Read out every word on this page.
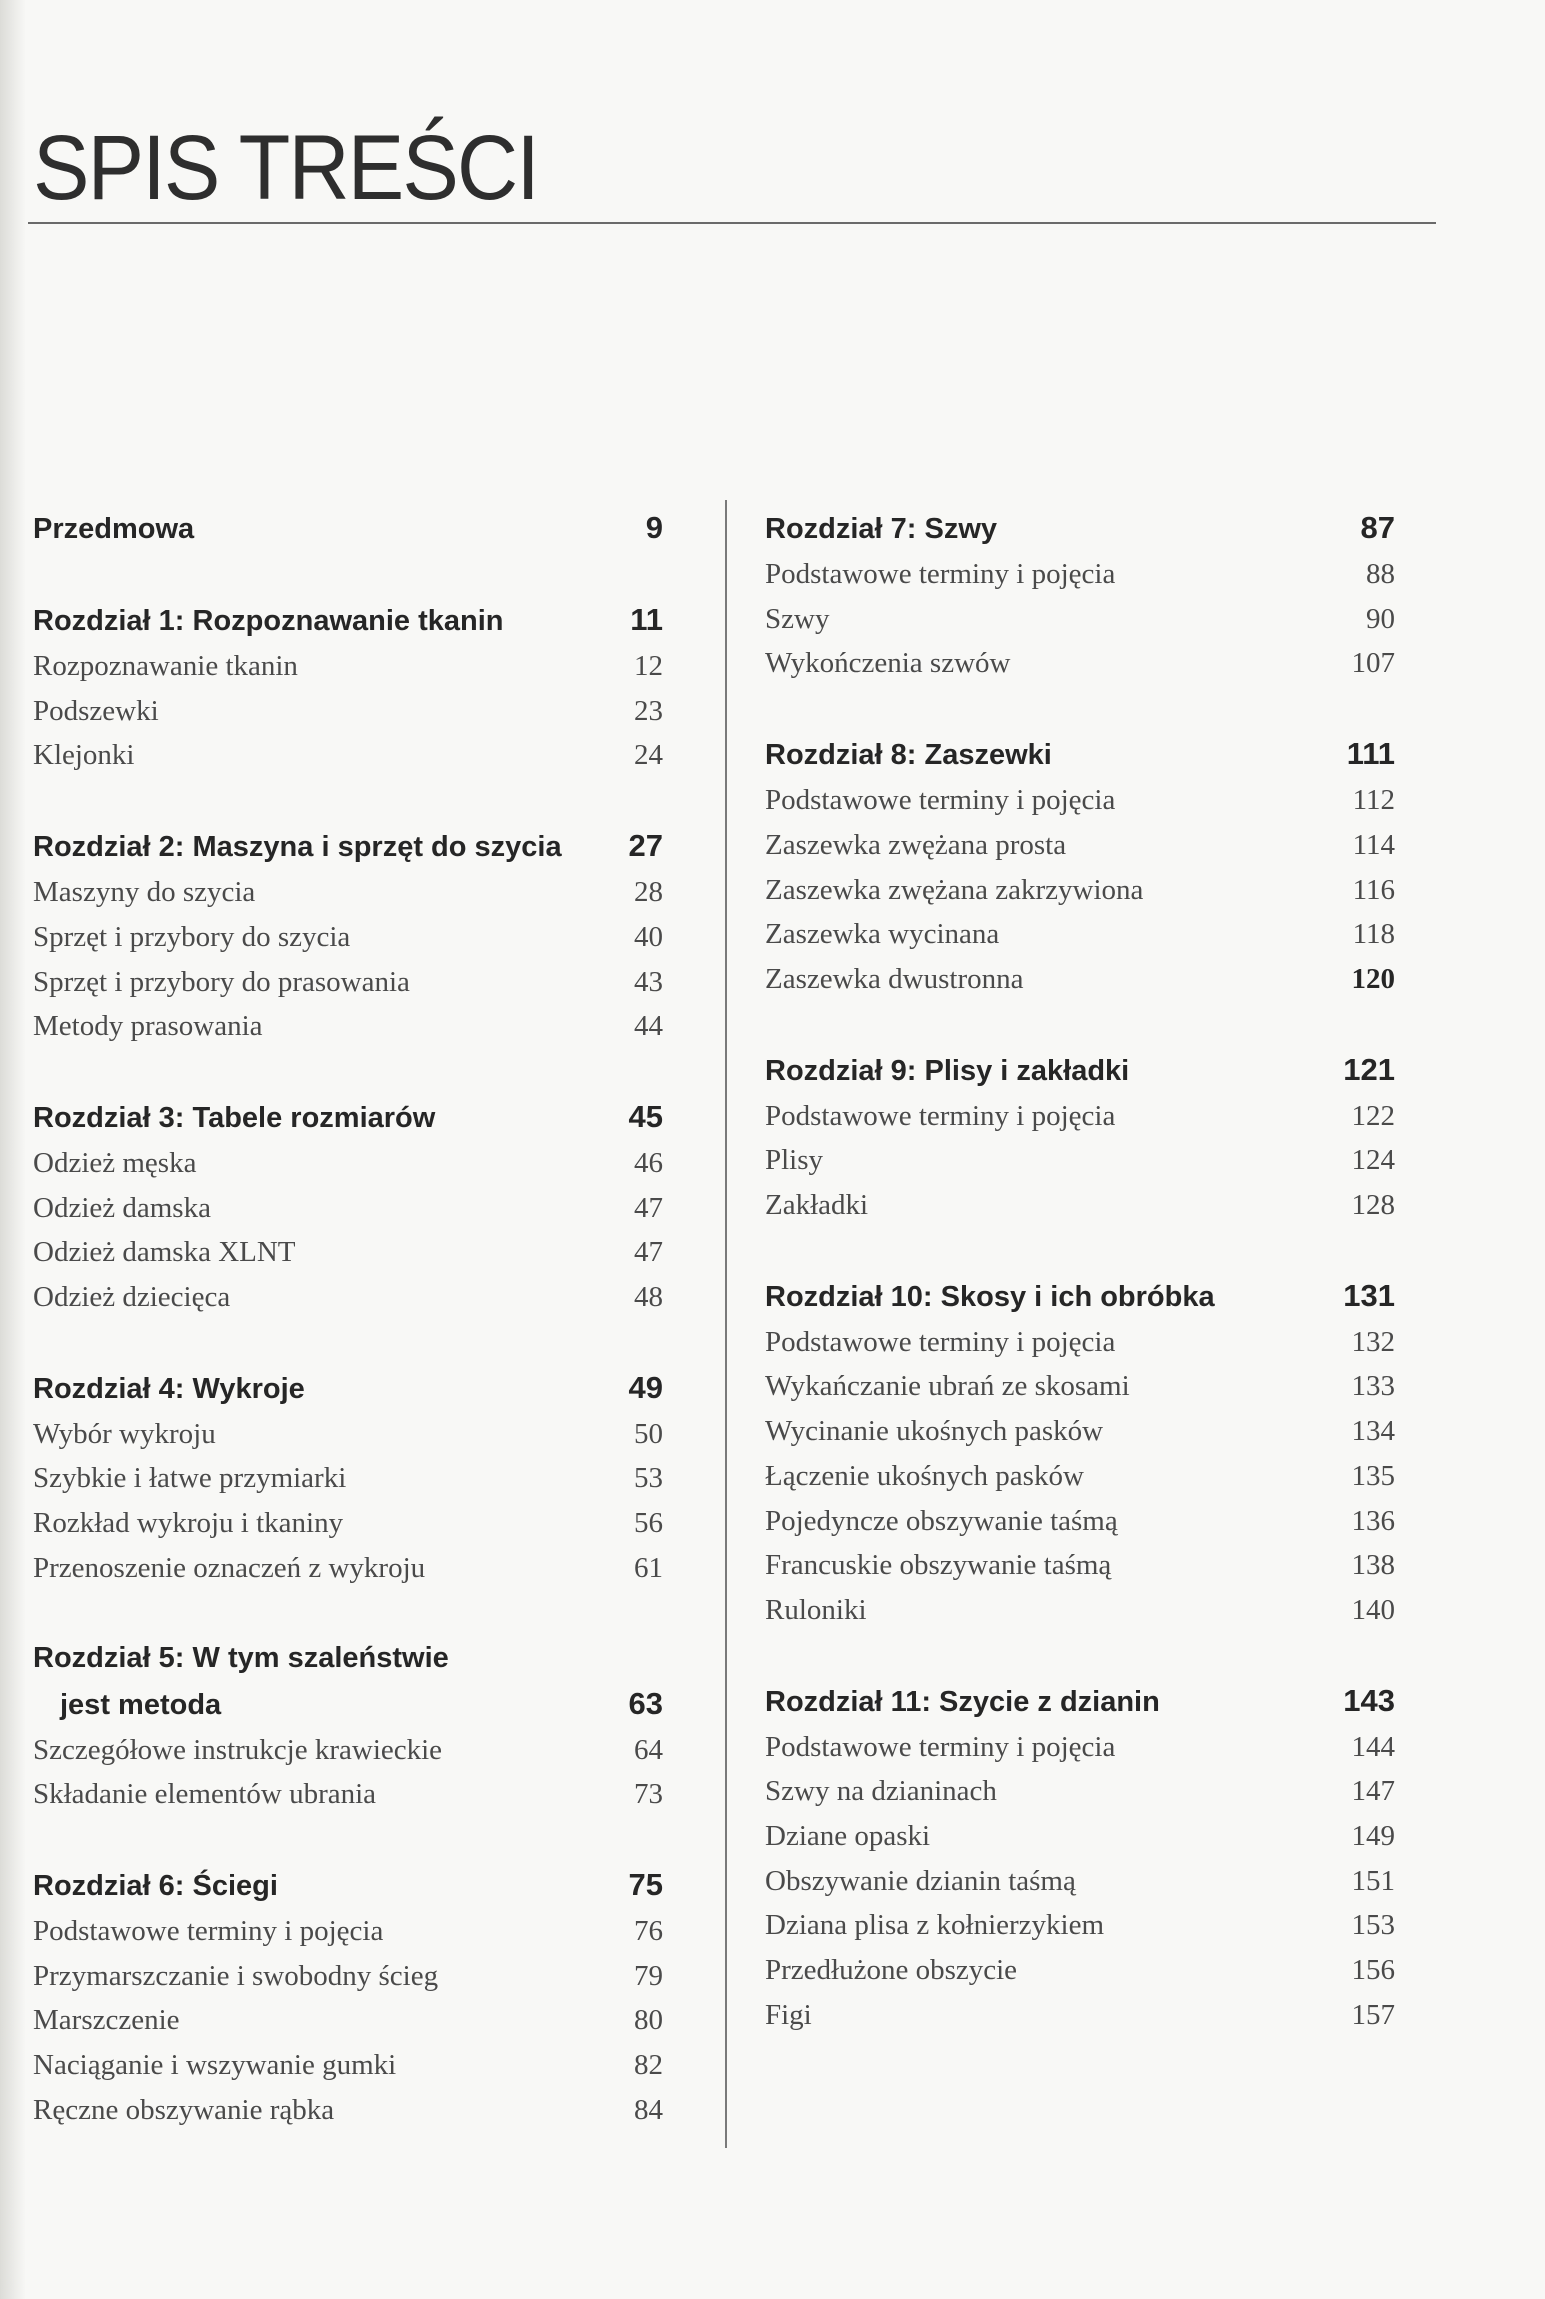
SPIS TREŚCI
Przedmowa	9
Rozdział 1: Rozpoznawanie tkanin	11
Rozpoznawanie tkanin	12
Podszewki	23
Klejonki	24
Rozdział 2: Maszyna i sprzęt do szycia	27
Maszyny do szycia	28
Sprzęt i przybory do szycia	40
Sprzęt i przybory do prasowania	43
Metody prasowania	44
Rozdział 3: Tabele rozmiarów	45
Odzież męska	46
Odzież damska	47
Odzież damska XLNT	47
Odzież dziecięca	48
Rozdział 4: Wykroje	49
Wybór wykroju	50
Szybkie i łatwe przymiarki	53
Rozkład wykroju i tkaniny	56
Przenoszenie oznaczeń z wykroju	61
Rozdział 5: W tym szaleństwie
jest metoda	63
Szczegółowe instrukcje krawieckie	64
Składanie elementów ubrania	73
Rozdział 6: Ściegi	75
Podstawowe terminy i pojęcia	76
Przymarszczanie i swobodny ścieg	79
Marszczenie	80
Naciąganie i wszywanie gumki	82
Ręczne obszywanie rąbka	84
Rozdział 7: Szwy	87
Podstawowe terminy i pojęcia	88
Szwy	90
Wykończenia szwów	107
Rozdział 8: Zaszewki	111
Podstawowe terminy i pojęcia	112
Zaszewka zwężana prosta	114
Zaszewka zwężana zakrzywiona	116
Zaszewka wycinana	118
Zaszewka dwustronna	120
Rozdział 9: Plisy i zakładki	121
Podstawowe terminy i pojęcia	122
Plisy	124
Zakładki	128
Rozdział 10: Skosy i ich obróbka	131
Podstawowe terminy i pojęcia	132
Wykańczanie ubrań ze skosami	133
Wycinanie ukośnych pasków	134
Łączenie ukośnych pasków	135
Pojedyncze obszywanie taśmą	136
Francuskie obszywanie taśmą	138
Ruloniki	140
Rozdział 11: Szycie z dzianin	143
Podstawowe terminy i pojęcia	144
Szwy na dzianinach	147
Dziane opaski	149
Obszywanie dzianin taśmą	151
Dziana plisa z kołnierzykiem	153
Przedłużone obszycie	156
Figi	157
